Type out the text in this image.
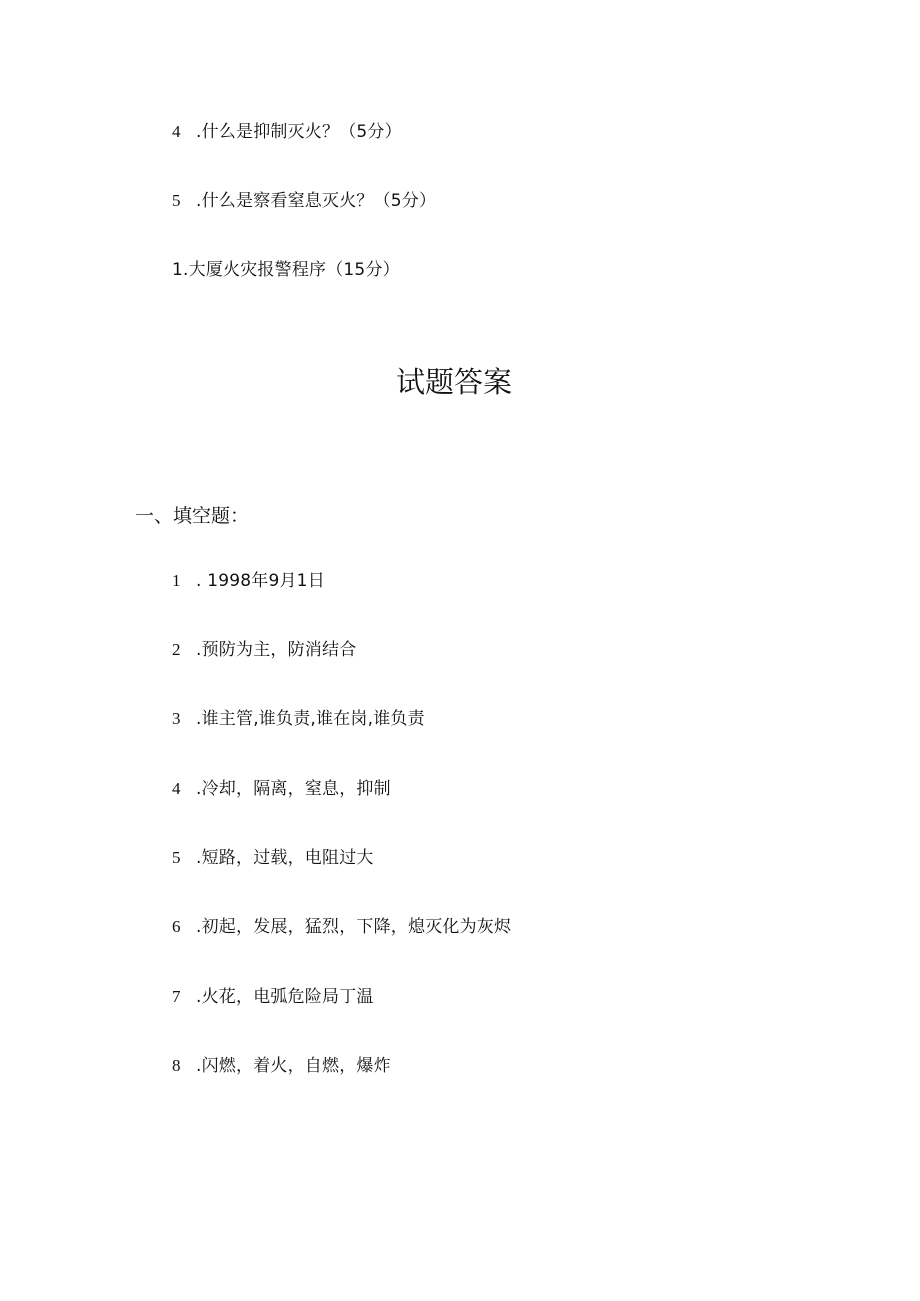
4 .什么是抑制灭火？（5分）
5 .什么是察看窒息灭火？（5分）
1.大厦火灾报警程序（15分）
试题答案
一、填空题：
1 . 1998年9月1日
2 .预防为主，防消结合
3 .谁主管,谁负责,谁在岗,谁负责
4 .冷却，隔离，窒息，抑制
5 .短路，过载，电阻过大
6 .初起，发展，猛烈，下降，熄灭化为灰烬
7 .火花，电弧危险局丁温
8 .闪燃，着火，自燃，爆炸
